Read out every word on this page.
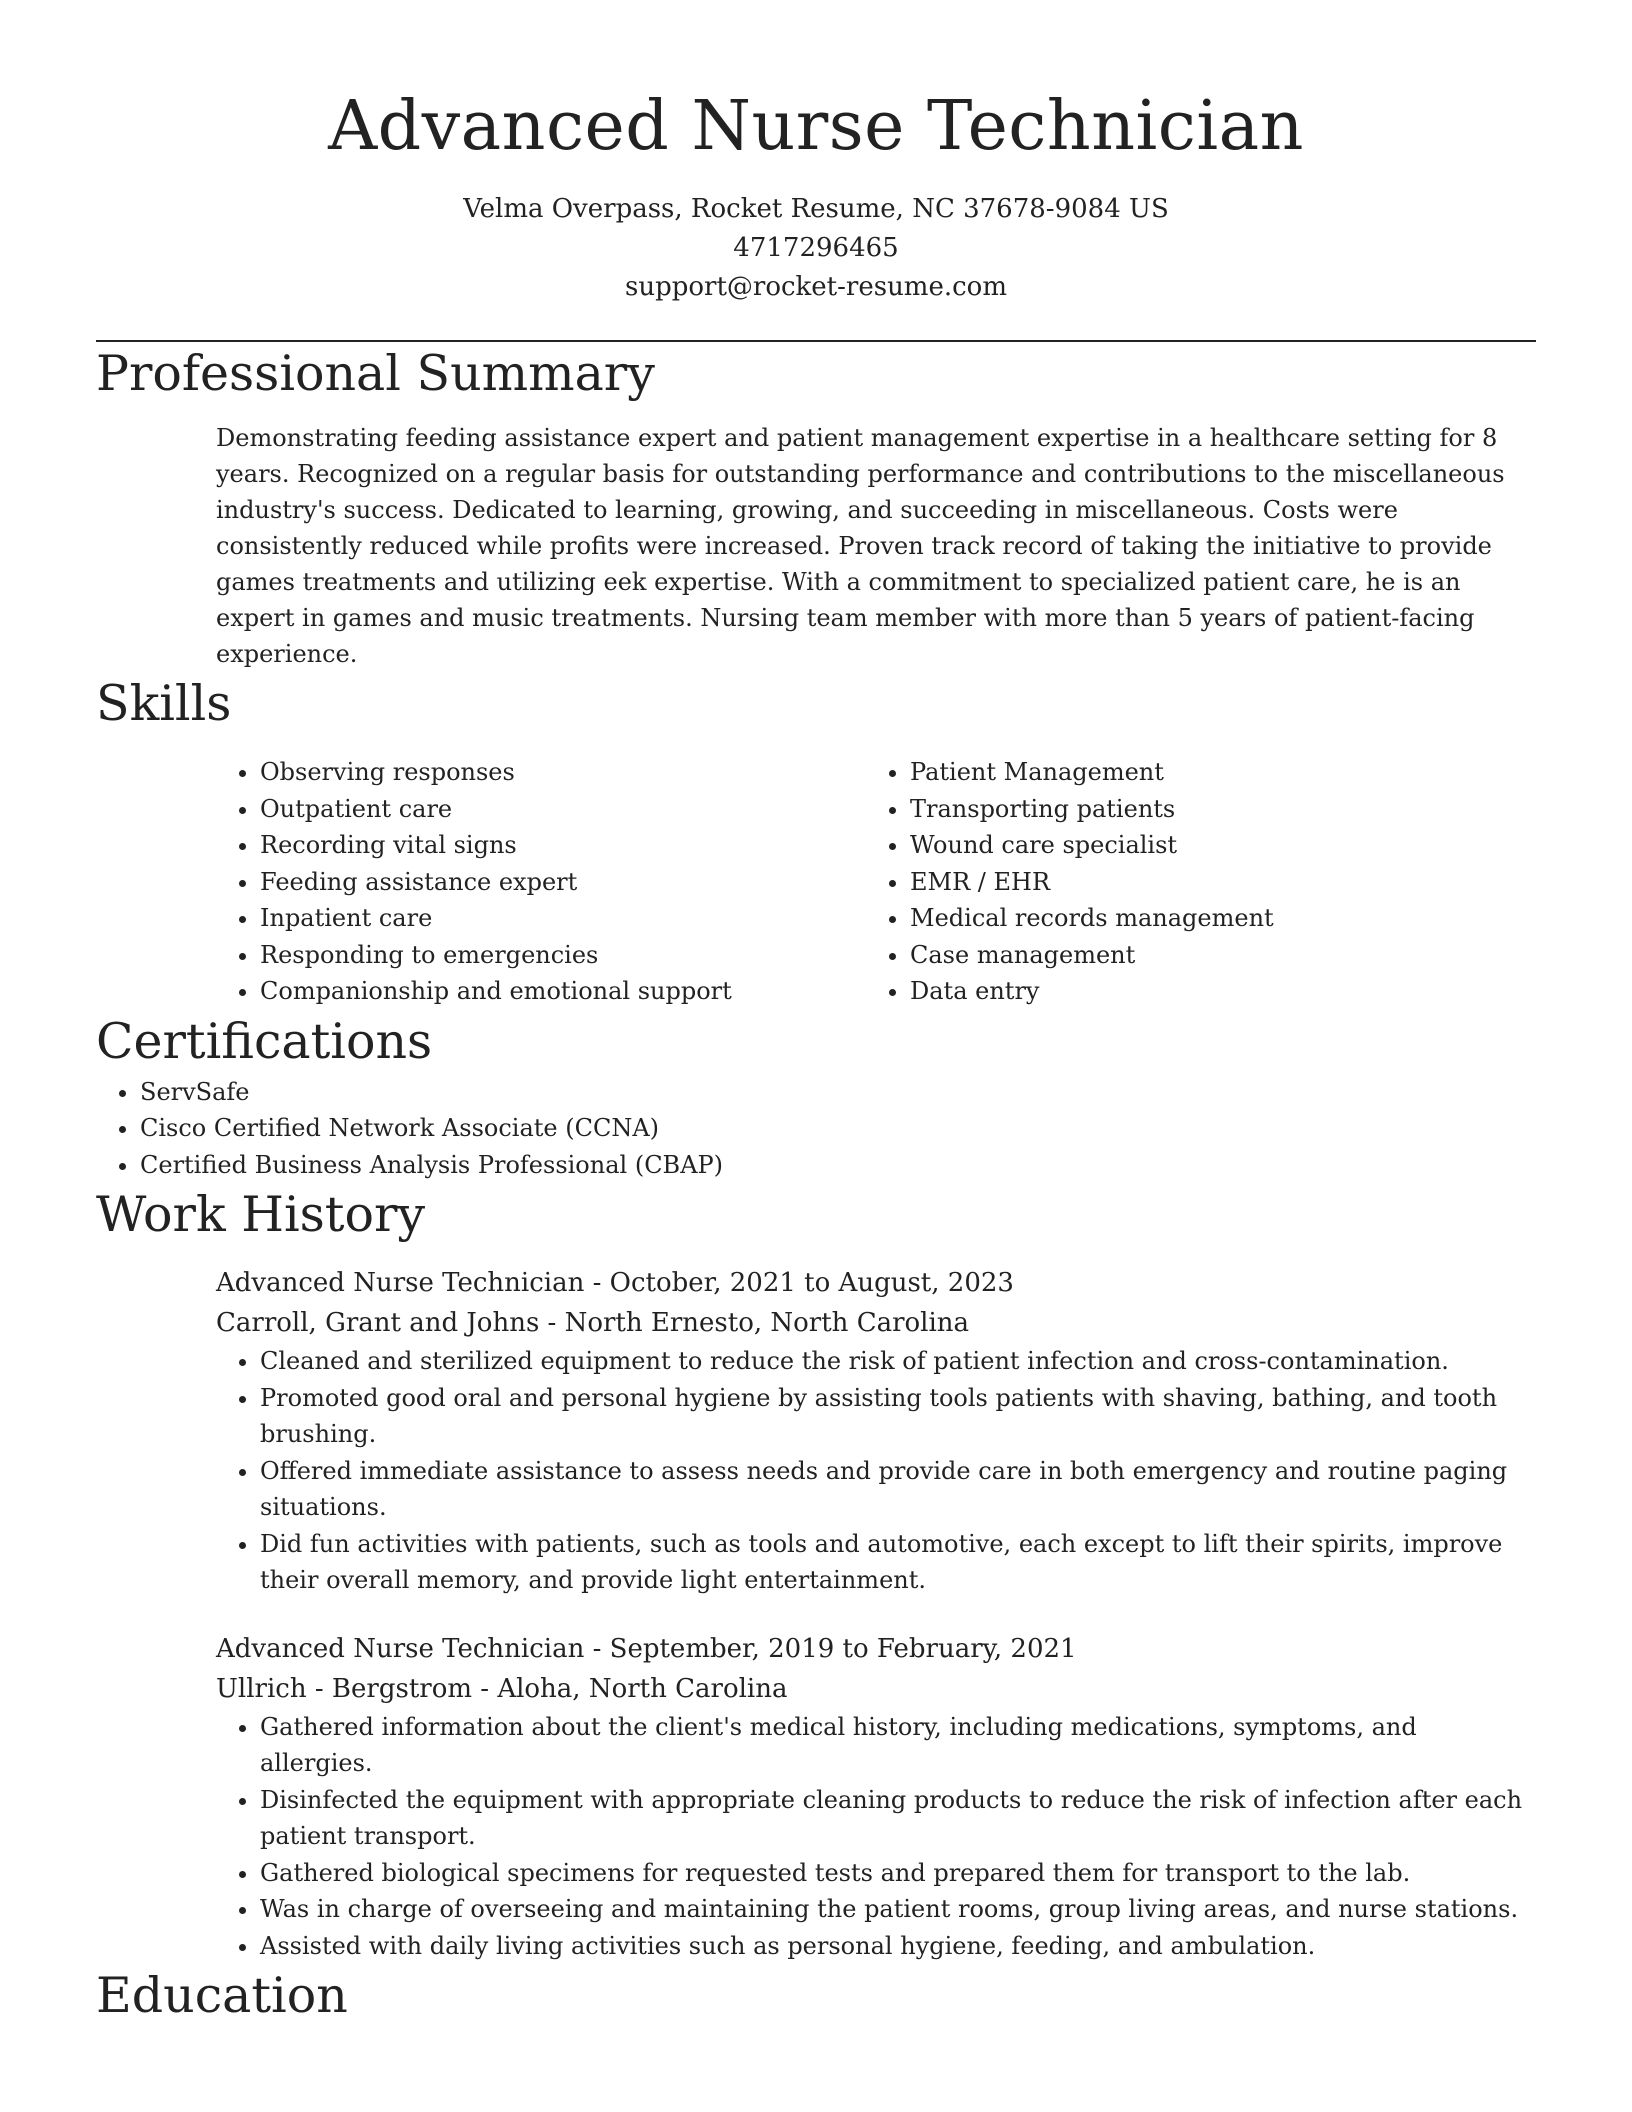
Advanced Nurse Technician
Velma Overpass, Rocket Resume, NC 37678-9084 US
4717296465
support@rocket-resume.com
Professional Summary

Demonstrating feeding assistance expert and patient management expertise in a healthcare setting for 8 years. Recognized on a regular basis for outstanding performance and contributions to the miscellaneous industry's success. Dedicated to learning, growing, and succeeding in miscellaneous. Costs were consistently reduced while profits were increased. Proven track record of taking the initiative to provide games treatments and utilizing eek expertise. With a commitment to specialized patient care, he is an expert in games and music treatments. Nursing team member with more than 5 years of patient-facing experience.

Skills
• Observing responses
• Outpatient care
• Recording vital signs
• Feeding assistance expert
• Inpatient care
• Responding to emergencies
• Companionship and emotional support
• Patient Management
• Transporting patients
• Wound care specialist
• EMR / EHR
• Medical records management
• Case management
• Data entry
Certifications
• ServSafe
• Cisco Certified Network Associate (CCNA)
• Certified Business Analysis Professional (CBAP)
Work History
Advanced Nurse Technician - October, 2021 to August, 2023
Carroll, Grant and Johns - North Ernesto, North Carolina
• Cleaned and sterilized equipment to reduce the risk of patient infection and cross-contamination.
• Promoted good oral and personal hygiene by assisting tools patients with shaving, bathing, and tooth brushing.
• Offered immediate assistance to assess needs and provide care in both emergency and routine paging situations.
• Did fun activities with patients, such as tools and automotive, each except to lift their spirits, improve their overall memory, and provide light entertainment.
Advanced Nurse Technician - September, 2019 to February, 2021
Ullrich - Bergstrom - Aloha, North Carolina
• Gathered information about the client's medical history, including medications, symptoms, and allergies.
• Disinfected the equipment with appropriate cleaning products to reduce the risk of infection after each patient transport.
• Gathered biological specimens for requested tests and prepared them for transport to the lab.
• Was in charge of overseeing and maintaining the patient rooms, group living areas, and nurse stations.
• Assisted with daily living activities such as personal hygiene, feeding, and ambulation.
Education
